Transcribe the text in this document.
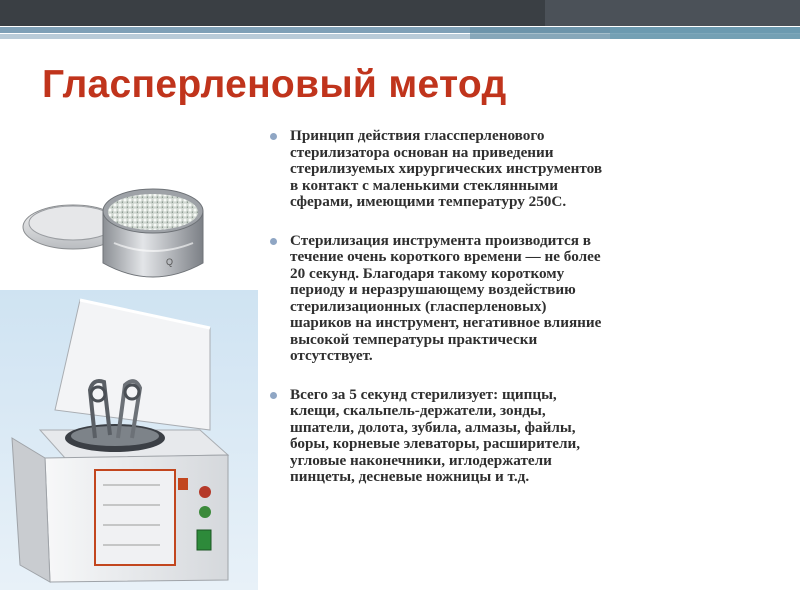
Гласперленовый метод
Q
Принцип действия гласcперленового
стерилизатора основан на приведении
стерилизуемых хирургических инструментов
в контакт с маленькими стеклянными
сферами, имеющими температуру 250С.
Стерилизация инструмента производится в
течение очень короткого времени — не более
20 секунд. Благодаря такому короткому
периоду и неразрушающему воздействию
стерилизационных (гласперленовых)
шариков на инструмент, негативное влияние
высокой температуры практически
отсутствует.
Всего за 5 секунд стерилизует: щипцы,
клещи, скальпель-держатели, зонды,
шпатели, долота, зубила, алмазы, файлы,
боры, корневые элеваторы, расширители,
угловые наконечники, иглодержатели
пинцеты, десневые ножницы и т.д.
